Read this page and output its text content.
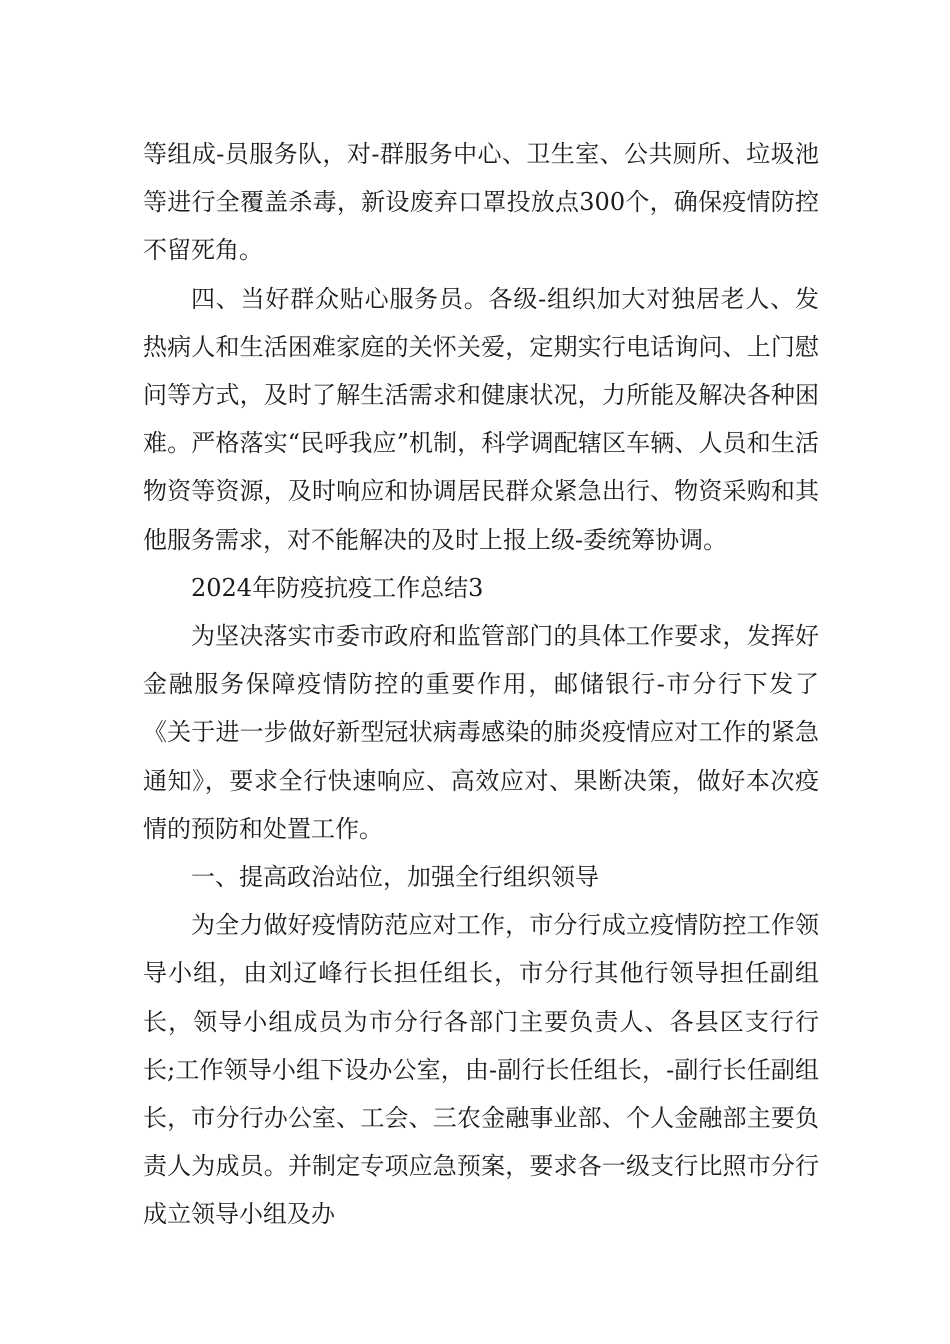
等组成-员服务队，对-群服务中心、卫生室、公共厕所、垃圾池等进行全覆盖杀毒，新设废弃口罩投放点300个，确保疫情防控不留死角。

四、当好群众贴心服务员。各级-组织加大对独居老人、发热病人和生活困难家庭的关怀关爱，定期实行电话询问、上门慰问等方式，及时了解生活需求和健康状况，力所能及解决各种困难。严格落实“民呼我应”机制，科学调配辖区车辆、人员和生活物资等资源，及时响应和协调居民群众紧急出行、物资采购和其他服务需求，对不能解决的及时上报上级-委统筹协调。

2024年防疫抗疫工作总结3

为坚决落实市委市政府和监管部门的具体工作要求，发挥好金融服务保障疫情防控的重要作用，邮储银行-市分行下发了《关于进一步做好新型冠状病毒感染的肺炎疫情应对工作的紧急通知》，要求全行快速响应、高效应对、果断决策，做好本次疫情的预防和处置工作。

一、提高政治站位，加强全行组织领导

为全力做好疫情防范应对工作，市分行成立疫情防控工作领导小组，由刘辽峰行长担任组长，市分行其他行领导担任副组长，领导小组成员为市分行各部门主要负责人、各县区支行行长;工作领导小组下设办公室，由-副行长任组长，-副行长任副组长，市分行办公室、工会、三农金融事业部、个人金融部主要负责人为成员。并制定专项应急预案，要求各一级支行比照市分行成立领导小组及办
